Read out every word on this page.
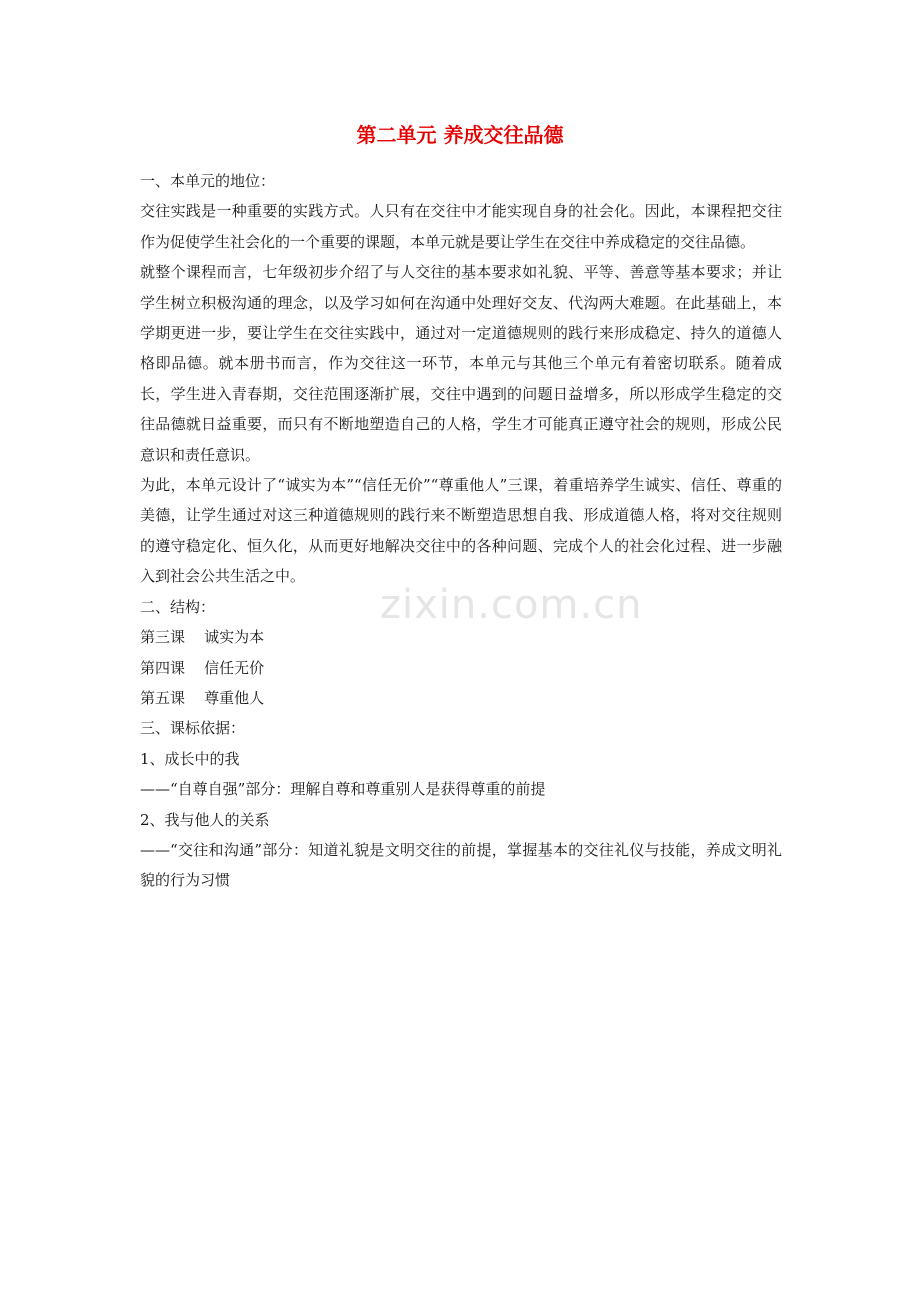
第二单元 养成交往品德

一、本单元的地位：

交往实践是一种重要的实践方式。人只有在交往中才能实现自身的社会化。因此，本课程把交往作为促使学生社会化的一个重要的课题，本单元就是要让学生在交往中养成稳定的交往品德。

就整个课程而言，七年级初步介绍了与人交往的基本要求如礼貌、平等、善意等基本要求；并让学生树立积极沟通的理念，以及学习如何在沟通中处理好交友、代沟两大难题。在此基础上，本学期更进一步，要让学生在交往实践中，通过对一定道德规则的践行来形成稳定、持久的道德人格即品德。就本册书而言，作为交往这一环节，本单元与其他三个单元有着密切联系。随着成长，学生进入青春期，交往范围逐渐扩展，交往中遇到的问题日益增多，所以形成学生稳定的交往品德就日益重要，而只有不断地塑造自己的人格，学生才可能真正遵守社会的规则，形成公民意识和责任意识。

为此，本单元设计了“诚实为本”“信任无价”“尊重他人”三课，着重培养学生诚实、信任、尊重的美德，让学生通过对这三种道德规则的践行来不断塑造思想自我、形成道德人格，将对交往规则的遵守稳定化、恒久化，从而更好地解决交往中的各种问题、完成个人的社会化过程、进一步融入到社会公共生活之中。

二、结构：

第三课    诚实为本

第四课    信任无价

第五课    尊重他人

三、课标依据：

1、成长中的我

——“自尊自强”部分：理解自尊和尊重别人是获得尊重的前提

2、我与他人的关系

——“交往和沟通”部分：知道礼貌是文明交往的前提，掌握基本的交往礼仪与技能，养成文明礼貌的行为习惯

zixin.com.cn
